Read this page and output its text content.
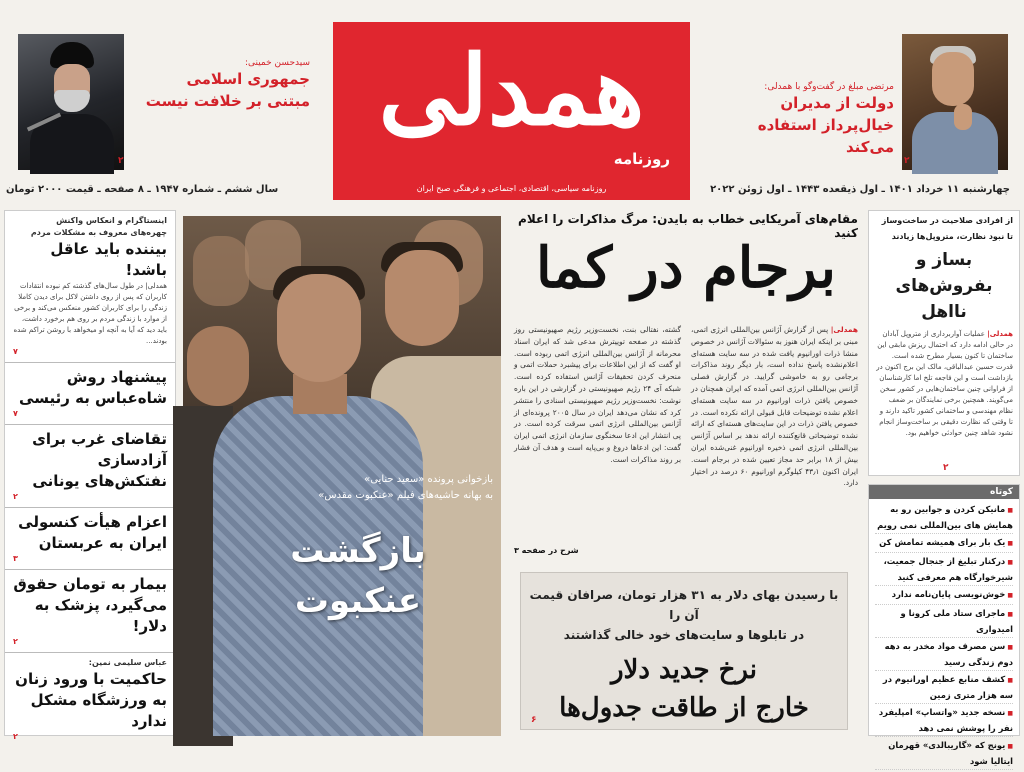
۲
سیدحسن خمینی:
جمهوری اسلامی
مبتنی بر خلافت نیست همدلی
روزنامه
روزنامه سیاسی، اقتصادی، اجتماعی و فرهنگی صبح ایران
مرتضی مبلغ در گفت‌وگو با همدلی:
دولت از مدیران
خیال‌پرداز استفاده می‌کند
۲
چهارشنبه ۱۱ خرداد ۱۴۰۱ ـ اول ذیقعده ۱۴۴۳ ـ اول ژوئن ۲۰۲۲
سال ششم ـ شماره ۱۹۴۷ ـ ۸ صفحه ـ قیمت ۲۰۰۰ تومان
اینستاگرام و انعکاس واکنش
چهره‌های معروف به مشکلات مردم
بیننده باید عاقل باشد!
همدلی| در طول سال‌های گذشته کم نبوده انتقادات کاربران که پس از روی داشتن لاکل برای دیدن کاملا زندگی را برای کاربران کشور منعکس می‌کند و برخی از موارد با زندگی مردم بر روی هم برخورد داشت، باید دید که آیا به آنچه او میخواهد با روشن تراکم شده بودند...
۷
پیشنهاد روش شاه‌عباس به رئیسی
۷
تقاضای غرب برای آزادسازی نفتکش‌های یونانی
۲
اعزام هیأت کنسولی ایران به عربستان
۳
بیمار به تومان حقوق می‌گیرد، پزشک به دلار!
۲
عباس سلیمی نمین:
حاکمیت با ورود زنان به ورزشگاه مشکل ندارد
۲
بازخوانی پرونده «سعید حنایی»
به بهانه حاشیه‌های فیلم «عنکبوت مقدس»
بازگشت
عنکبوت
مقام‌های آمریکایی خطاب به بایدن: مرگ مذاکرات را اعلام کنید
برجام در کما
همدلی| پس از گزارش آژانس بین‌المللی انرژی اتمی، مبنی بر اینکه ایران هنوز به سئوالات آژانس در خصوص منشا ذرات اورانیوم یافت شده در سه سایت هسته‌ای اعلام‌نشده پاسخ نداده است، بار دیگر روند مذاکرات برجامی رو به خاموشی گرایید. در گزارش فصلی آژانس بین‌المللی انرژی اتمی آمده که ایران همچنان در خصوص یافتن ذرات اورانیوم در سه سایت هسته‌ای اعلام نشده توضیحات قابل قبولی ارائه نکرده است. در خصوص یافتن ذرات در این سایت‌های هسته‌ای که ارائه نشده توضیحاتی قانع‌کننده ارائه ندهد بر اساس آژانس بین‌المللی انرژی اتمی ذخیره اورانیوم غنی‌شده ایران بیش از ۱۸ برابر حد مجاز تعیین شده در برجام است. ایران اکنون ۴۳٫۱ کیلوگرم اورانیوم ۶۰ درصد در اختیار دارد.
گشته، نفتالی بنت، نخست‌وزیر رژیم صهیونیستی روز گذشته در صفحه توییترش مدعی شد که ایران اسناد محرمانه از آژانس بین‌المللی انرژی اتمی ربوده است. او گفت که از این اطلاعات برای پیشبرد حملات اتمی و منحرف کردن تحقیقات آژانس استفاده کرده است. شبکه آی ۲۴ رژیم صهیونیستی در گزارشی در این باره نوشت: نخست‌وزیر رژیم صهیونیستی اسنادی را منتشر کرد که نشان می‌دهد ایران در سال ۲۰۰۵ پرونده‌ای از آژانس بین‌المللی انرژی اتمی سرقت کرده است. در پی انتشار این ادعا سخنگوی سازمان انرژی اتمی ایران گفت: این ادعاها دروغ و بی‌پایه است و هدف آن فشار بر روند مذاکرات است.
شرح در صفحه ۳
با رسیدن بهای دلار به ۳۱ هزار تومان، صرافان قیمت آن را
در تابلوها و سایت‌های خود خالی گذاشتند
نرخ جدید دلار
خارج از طاقت جدول‌ها
۶
از افرادی صلاحیت در ساخت‌وساز
تا نبود نظارت، متروپل‌ها زیادند
بساز و بفروش‌های
نااهل
همدلی| عملیات آواربرداری از متروپل آبادان در حالی ادامه دارد که احتمال ریزش مابقی این ساختمان تا کنون بسیار مطرح شده است. قدرت حسین عبدالباقی، مالک این برج اکنون در بازداشت است و این فاجعه تلخ اما کارشناسان از فراوانی چنین ساختمان‌هایی در کشور سخن می‌گویند. همچنین برخی نمایندگان بر ضعف نظام مهندسی و ساختمانی کشور تاکید دارند و تا وقتی که نظارت دقیقی بر ساخت‌وساز انجام نشود شاهد چنین حوادثی خواهیم بود.
۲
کوتاه
■ مانیکن کردن و جوابین رو به همایش های بین‌المللی نمی رویم
■ یک بار برای همیشه تمامش کن
■ درکنار تبلیغ از جنجال جمعیت، شیرخوارگاه هم معرفی کنید
■ خوش‌نویسی پایان‌نامه ندارد
■ ماجرای ستاد ملی کرونا و امیدواری
■ سن مصرف مواد مخدر به دهه دوم زندگی رسید
■ کشف منابع عظیم اورانیوم در سه هزار متری زمین
■ نسخه جدید «واتساپ» امپلیفرد نفر را پوشش نمی دهد
■ یونج که «گاریبالدی» قهرمان ایتالیا شود
